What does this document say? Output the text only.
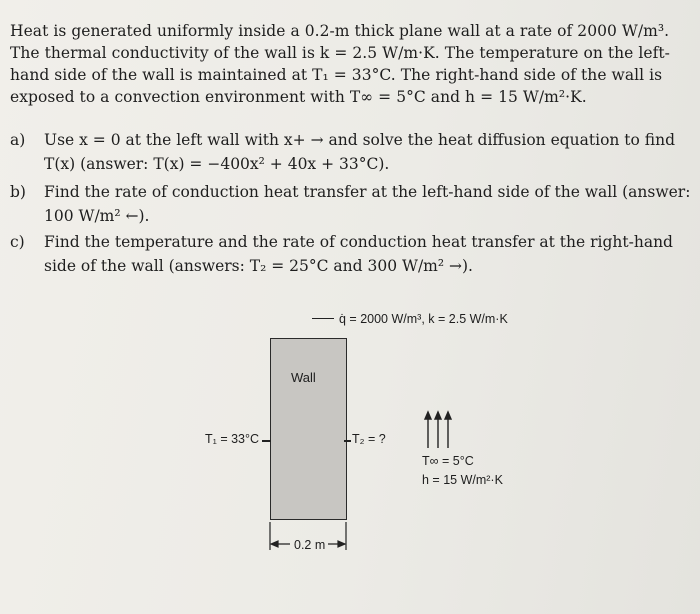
Heat is generated uniformly inside a 0.2-m thick plane wall at a rate of 2000 W/m³.
The thermal conductivity of the wall is k = 2.5 W/m·K. The temperature on the left-
hand side of the wall is maintained at T₁ = 33°C. The right-hand side of the wall is
exposed to a convection environment with T∞ = 5°C and h = 15 W/m²·K.
a) Use x = 0 at the left wall with x+ → and solve the heat diffusion equation to find
T(x) (answer: T(x) = −400x² + 40x + 33°C).
b) Find the rate of conduction heat transfer at the left-hand side of the wall (answer:
100 W/m² ←).
c) Find the temperature and the rate of conduction heat transfer at the right-hand
side of the wall (answers: T₂ = 25°C and 300 W/m² →).
q̇ = 2000 W/m³, k = 2.5 W/m·K
Wall
T₁ = 33°C	T₂ = ?
T∞ = 5°C
h = 15 W/m²·K
0.2 m
